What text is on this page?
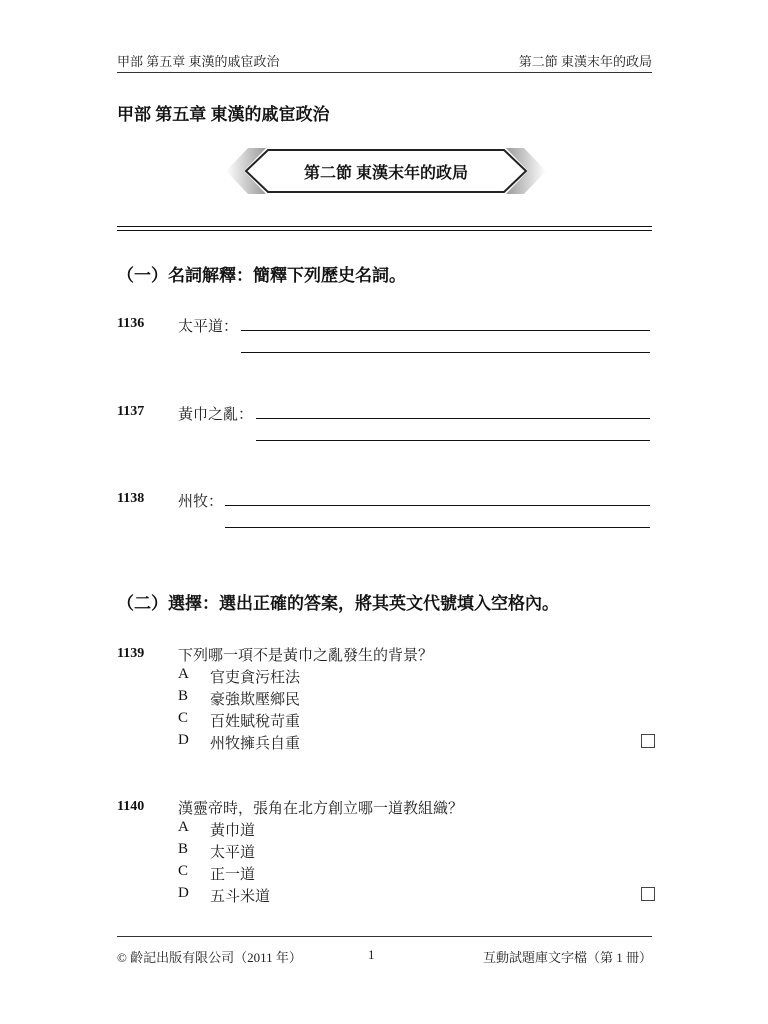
甲部 第五章 東漢的戚宦政治	第二節 東漢末年的政局
甲部 第五章 東漢的戚宦政治
第二節 東漢末年的政局
（一）名詞解釋：簡釋下列歷史名詞。
1136 太平道：
1137 黃巾之亂：
1138 州牧：
（二）選擇：選出正確的答案，將其英文代號填入空格內。
1139 下列哪一項不是黃巾之亂發生的背景？
A 官吏貪污枉法
B 豪強欺壓鄉民
C 百姓賦稅苛重
D 州牧擁兵自重
1140 漢靈帝時，張角在北方創立哪一道教組織？
A 黃巾道
B 太平道
C 正一道
D 五斗米道
© 齡記出版有限公司（2011 年）	1	互動試題庫文字檔（第 1 冊）
